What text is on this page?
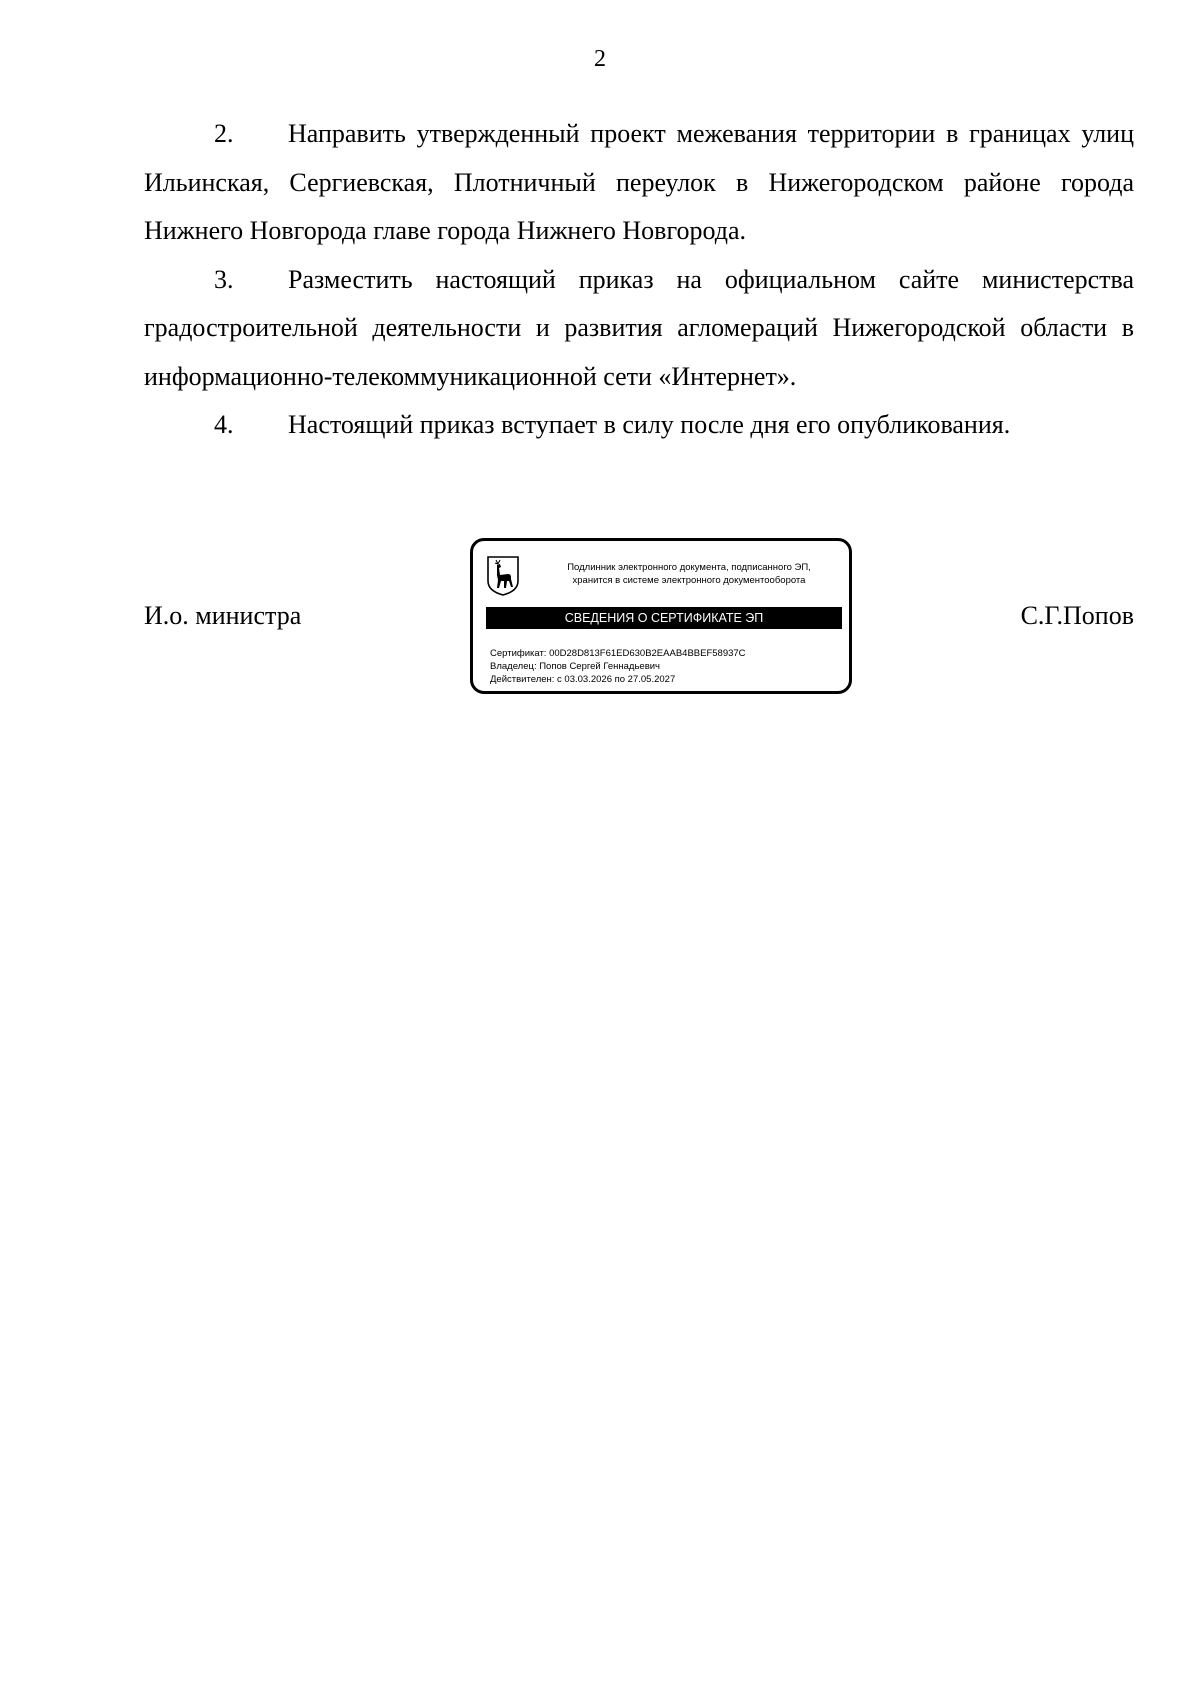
2

2. Направить утвержденный проект межевания территории в границах улиц Ильинская, Сергиевская, Плотничный переулок в Нижегородском районе города Нижнего Новгорода главе города Нижнего Новгорода.

3. Разместить настоящий приказ на официальном сайте министерства градостроительной деятельности и развития агломераций Нижегородской области в информационно-телекоммуникационной сети «Интернет».

4. Настоящий приказ вступает в силу после дня его опубликования.

И.о. министра
Подлинник электронного документа, подписанного ЭП,
хранится в системе электронного документооборота
СВЕДЕНИЯ О СЕРТИФИКАТЕ ЭП
Сертификат: 00D28D813F61ED630B2EAAB4BBEF58937C
Владелец: Попов Сергей Геннадьевич
Действителен: с 03.03.2026 по 27.05.2027
С.Г.Попов
